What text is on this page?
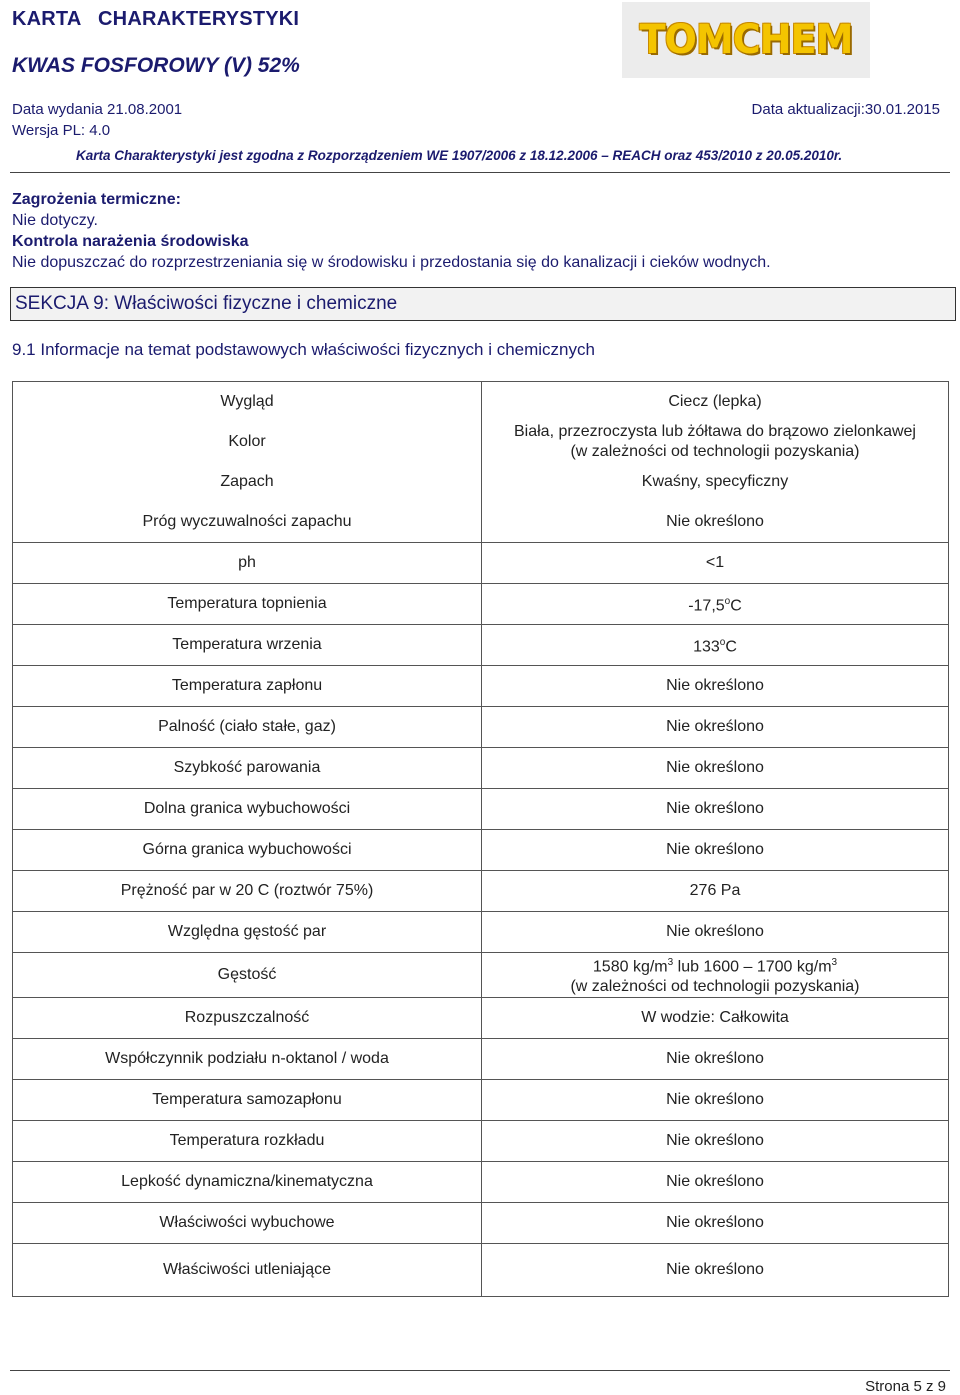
KARTA   CHARAKTERYSTYKI
KWAS FOSFOROWY (V) 52%
TOMCHEM
Data wydania 21.08.2001	Data aktualizacji:30.01.2015
Wersja PL: 4.0
Karta Charakterystyki jest zgodna z Rozporządzeniem WE 1907/2006 z 18.12.2006 – REACH oraz 453/2010 z 20.05.2010r.
Zagrożenia termiczne:
Nie dotyczy.
Kontrola narażenia środowiska
Nie dopuszczać do rozprzestrzeniania się w środowisku i przedostania się do kanalizacji i cieków wodnych.
SEKCJA 9: Właściwości fizyczne i chemiczne
9.1 Informacje na temat podstawowych właściwości fizycznych i chemicznych
Wygląd	Ciecz (lepka)
Kolor	Biała, przezroczysta lub żółtawa do brązowo zielonkawej
(w zależności od technologii pozyskania)

Zapach	Kwaśny, specyficzny
Próg wyczuwalności zapachu	Nie określono
ph	<1
Temperatura topnienia	-17,5$^o$C
Temperatura wrzenia	133$^o$C
Temperatura zapłonu	Nie określono
Palność (ciało stałe, gaz)	Nie określono
Szybkość parowania	Nie określono
Dolna granica wybuchowości	Nie określono
Górna granica wybuchowości	Nie określono
Prężność par w 20 C (roztwór 75%)	276 Pa
Względna gęstość par	Nie określono
Gęstość	1580 $kg/m^3$ lub 1600 – 1700 $kg/m^3$
(w zależności od technologii pozyskania)

Rozpuszczalność	W wodzie: Całkowita
Współczynnik podziału n-oktanol / woda	Nie określono
Temperatura samozapłonu	Nie określono
Temperatura rozkładu	Nie określono
Lepkość dynamiczna/kinematyczna	Nie określono
Właściwości wybuchowe	Nie określono
Właściwości utleniające	Nie określono
Strona 5 z 9
